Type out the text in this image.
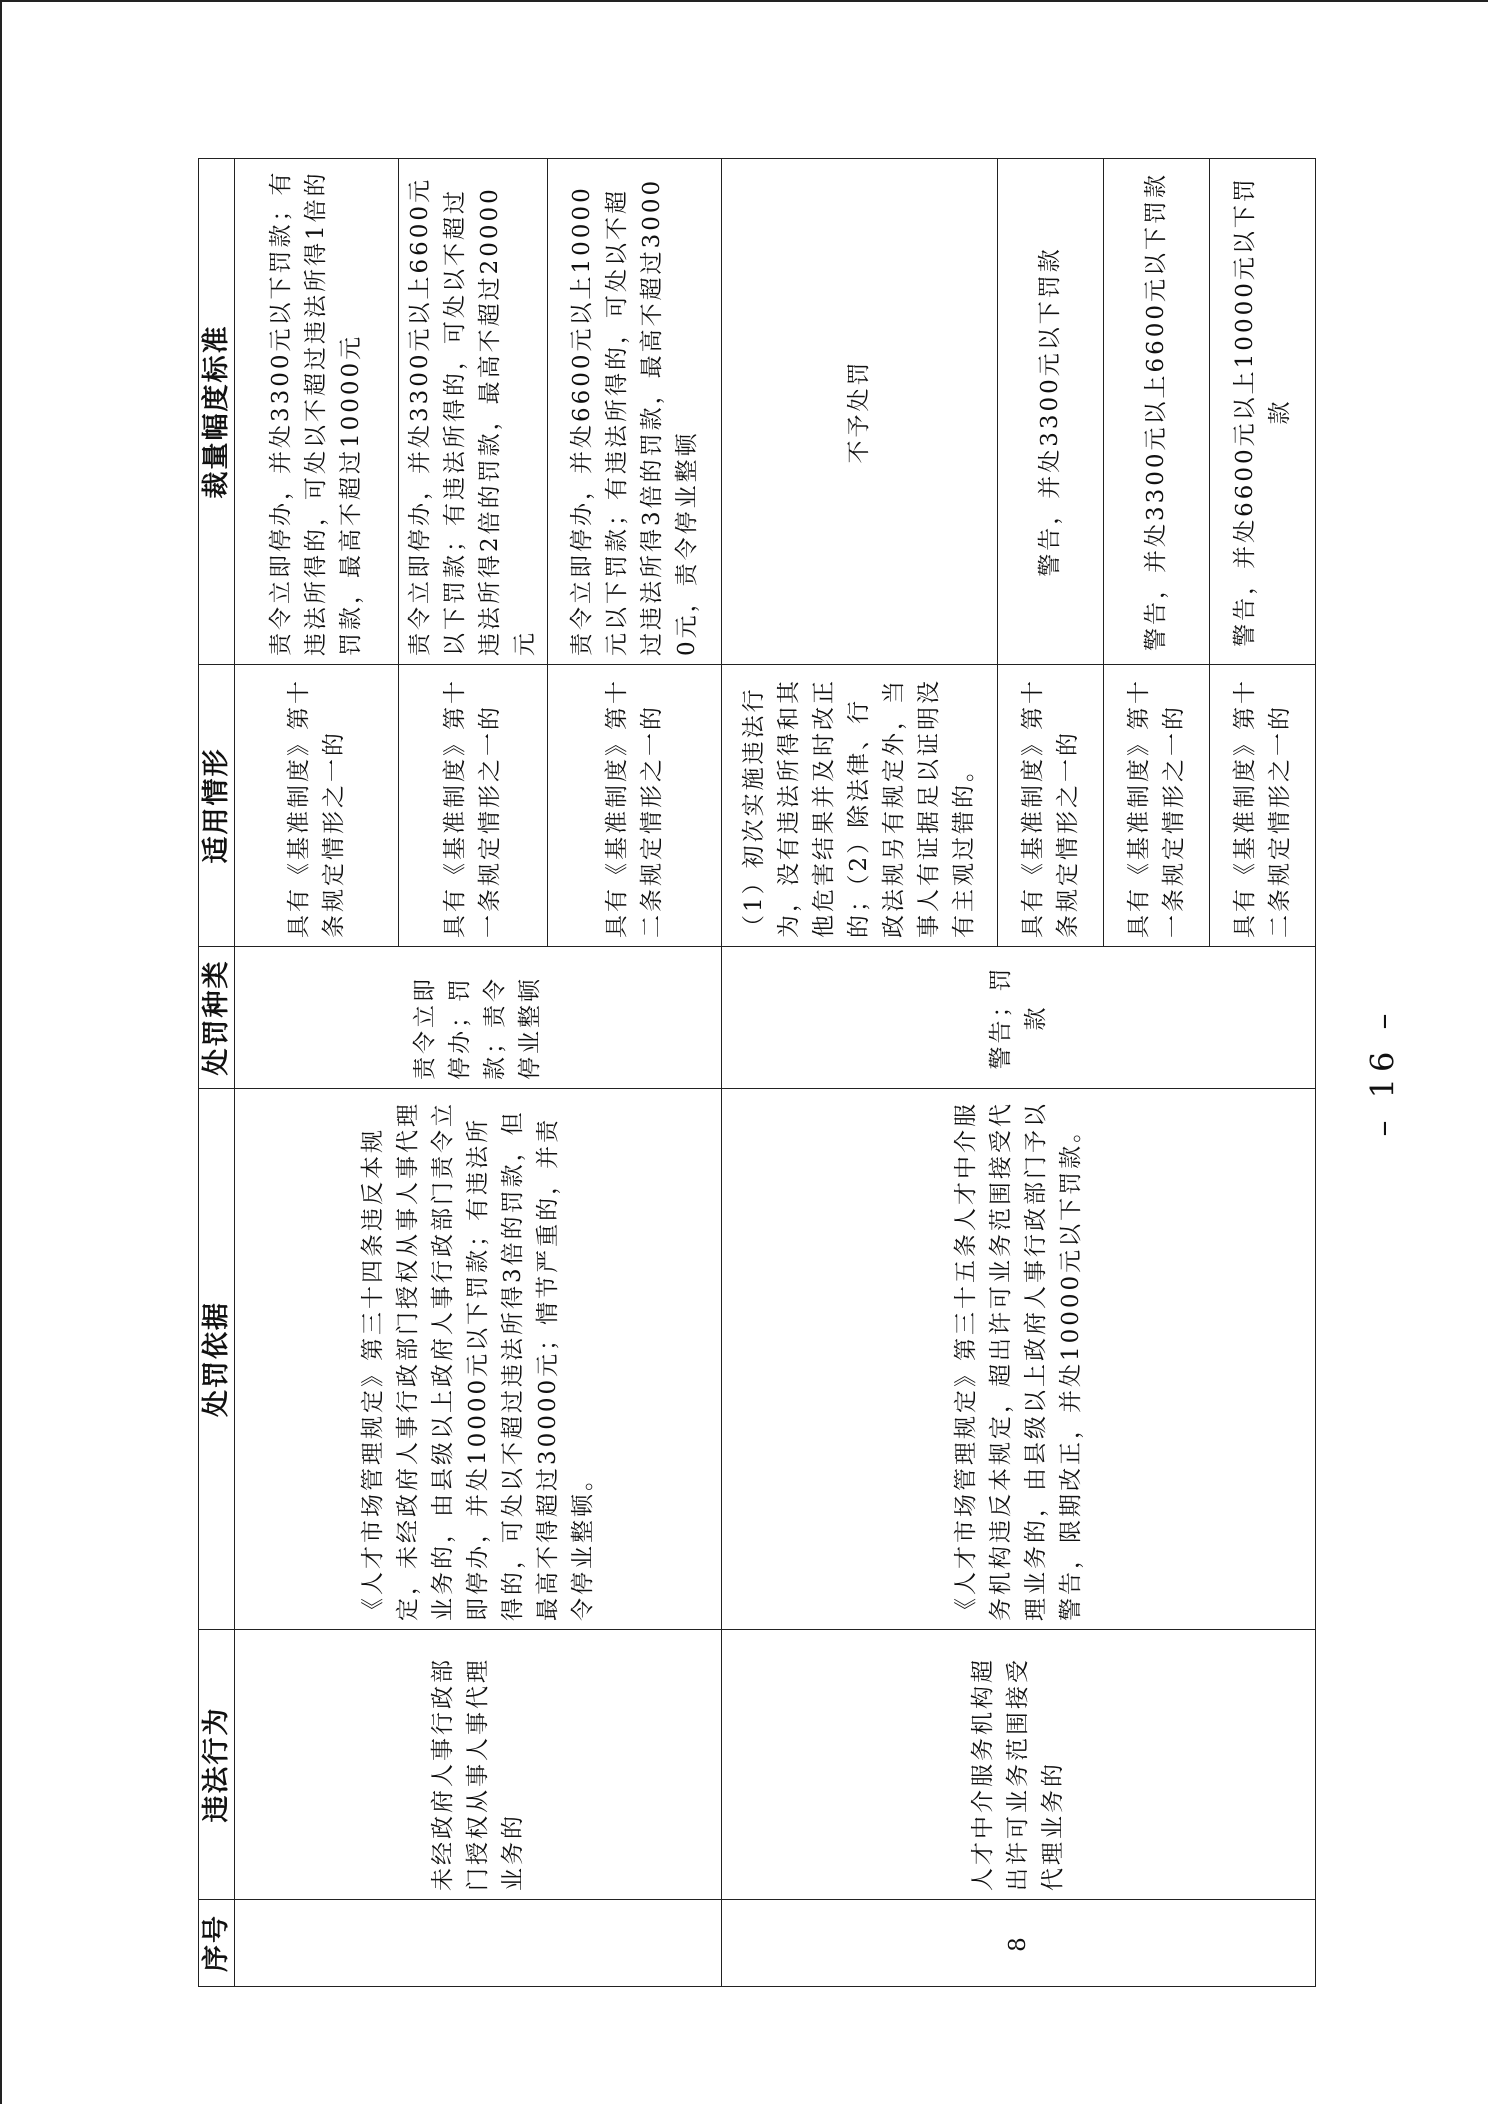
序号	违法行为	处罚依据	处罚种类	适用情形	裁量幅度标准
	未经政府人事行政部门授权从事人事代理业务的	《人才市场管理规定》第三十四条违反本规定，未经政府人事行政部门授权从事人事代理业务的，由县级以上政府人事行政部门责令立即停办，并处10000元以下罚款；有违法所得的，可处以不超过违法所得3倍的罚款，但最高不得超过30000元；情节严重的，并责令停业整顿。	责令立即停办；罚款；责令停业整顿	具有《基准制度》第十条规定情形之一的	责令立即停办，并处3300元以下罚款；有违法所得的，可处以不超过违法所得1倍的罚款，最高不超过10000元
				具有《基准制度》第十一条规定情形之一的	责令立即停办，并处3300元以上6600元以下罚款；有违法所得的，可处以不超过违法所得2倍的罚款，最高不超过20000元
				具有《基准制度》第十二条规定情形之一的	责令立即停办，并处6600元以上10000元以下罚款；有违法所得的，可处以不超过违法所得3倍的罚款，最高不超过30000元，责令停业整顿
8	人才中介服务机构超出许可业务范围接受代理业务的	《人才市场管理规定》第三十五条人才中介服务机构违反本规定，超出许可业务范围接受代理业务的，由县级以上政府人事行政部门予以警告，限期改正，并处10000元以下罚款。	警告；罚款	（1）初次实施违法行为，没有违法所得和其他危害结果并及时改正的；（2）除法律、行政法规另有规定外，当事人有证据足以证明没有主观过错的。	不予处罚
				具有《基准制度》第十条规定情形之一的	警告，并处3300元以下罚款
				具有《基准制度》第十一条规定情形之一的	警告，并处3300元以上6600元以下罚款
				具有《基准制度》第十二条规定情形之一的	警告，并处6600元以上10000元以下罚款
– 16 –
